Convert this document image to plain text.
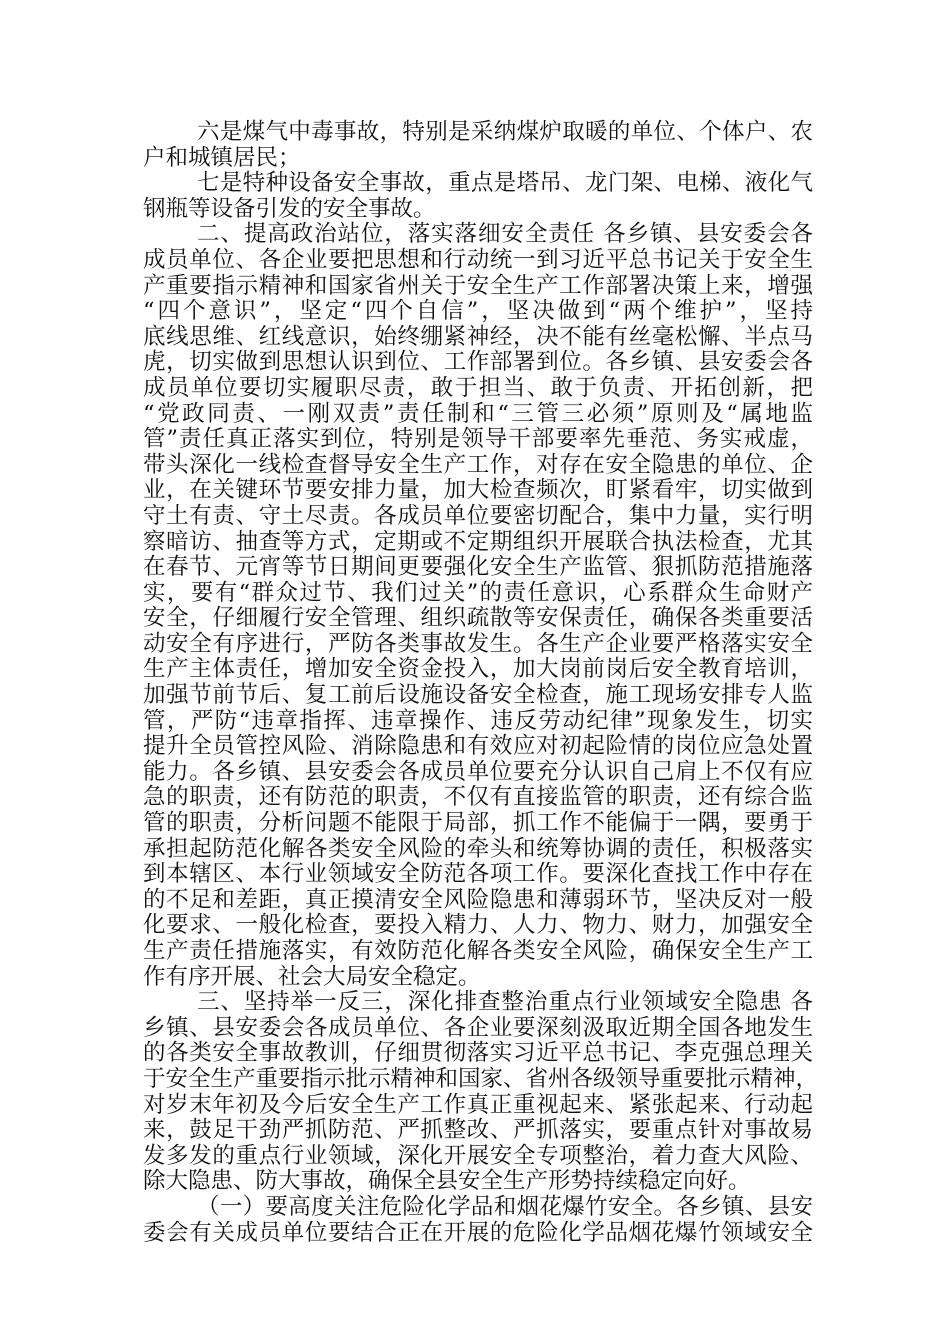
六是煤气中毒事故，特别是采纳煤炉取暖的单位、个体户、农
户和城镇居民；
七是特种设备安全事故，重点是塔吊、龙门架、电梯、液化气
钢瓶等设备引发的安全事故。
二、提高政治站位，落实落细安全责任 各乡镇、县安委会各
成员单位、各企业要把思想和行动统一到习近平总书记关于安全生
产重要指示精神和国家省州关于安全生产工作部署决策上来，增强
“四个意识”，坚定“四个自信”，坚决做到“两个维护”，坚持
底线思维、红线意识，始终绷紧神经，决不能有丝毫松懈、半点马
虎，切实做到思想认识到位、工作部署到位。各乡镇、县安委会各
成员单位要切实履职尽责，敢于担当、敢于负责、开拓创新，把
“党政同责、一刚双责”责任制和“三管三必须”原则及“属地监
管”责任真正落实到位，特别是领导干部要率先垂范、务实戒虚，
带头深化一线检查督导安全生产工作，对存在安全隐患的单位、企
业，在关键环节要安排力量，加大检查频次，盯紧看牢，切实做到
守土有责、守土尽责。各成员单位要密切配合，集中力量，实行明
察暗访、抽查等方式，定期或不定期组织开展联合执法检查，尤其
在春节、元宵等节日期间更要强化安全生产监管、狠抓防范措施落
实，要有“群众过节、我们过关”的责任意识，心系群众生命财产
安全，仔细履行安全管理、组织疏散等安保责任，确保各类重要活
动安全有序进行，严防各类事故发生。各生产企业要严格落实安全
生产主体责任，增加安全资金投入，加大岗前岗后安全教育培训，
加强节前节后、复工前后设施设备安全检查，施工现场安排专人监
管，严防“违章指挥、违章操作、违反劳动纪律”现象发生，切实
提升全员管控风险、消除隐患和有效应对初起险情的岗位应急处置
能力。各乡镇、县安委会各成员单位要充分认识自己肩上不仅有应
急的职责，还有防范的职责，不仅有直接监管的职责，还有综合监
管的职责，分析问题不能限于局部，抓工作不能偏于一隅，要勇于
承担起防范化解各类安全风险的牵头和统筹协调的责任，积极落实
到本辖区、本行业领域安全防范各项工作。要深化查找工作中存在
的不足和差距，真正摸清安全风险隐患和薄弱环节，坚决反对一般
化要求、一般化检查，要投入精力、人力、物力、财力，加强安全
生产责任措施落实，有效防范化解各类安全风险，确保安全生产工
作有序开展、社会大局安全稳定。
三、坚持举一反三，深化排查整治重点行业领域安全隐患 各
乡镇、县安委会各成员单位、各企业要深刻汲取近期全国各地发生
的各类安全事故教训，仔细贯彻落实习近平总书记、李克强总理关
于安全生产重要指示批示精神和国家、省州各级领导重要批示精神，
对岁末年初及今后安全生产工作真正重视起来、紧张起来、行动起
来，鼓足干劲严抓防范、严抓整改、严抓落实，要重点针对事故易
发多发的重点行业领域，深化开展安全专项整治，着力查大风险、
除大隐患、防大事故，确保全县安全生产形势持续稳定向好。
（一）要高度关注危险化学品和烟花爆竹安全。各乡镇、县安
委会有关成员单位要结合正在开展的危险化学品烟花爆竹领域安全
